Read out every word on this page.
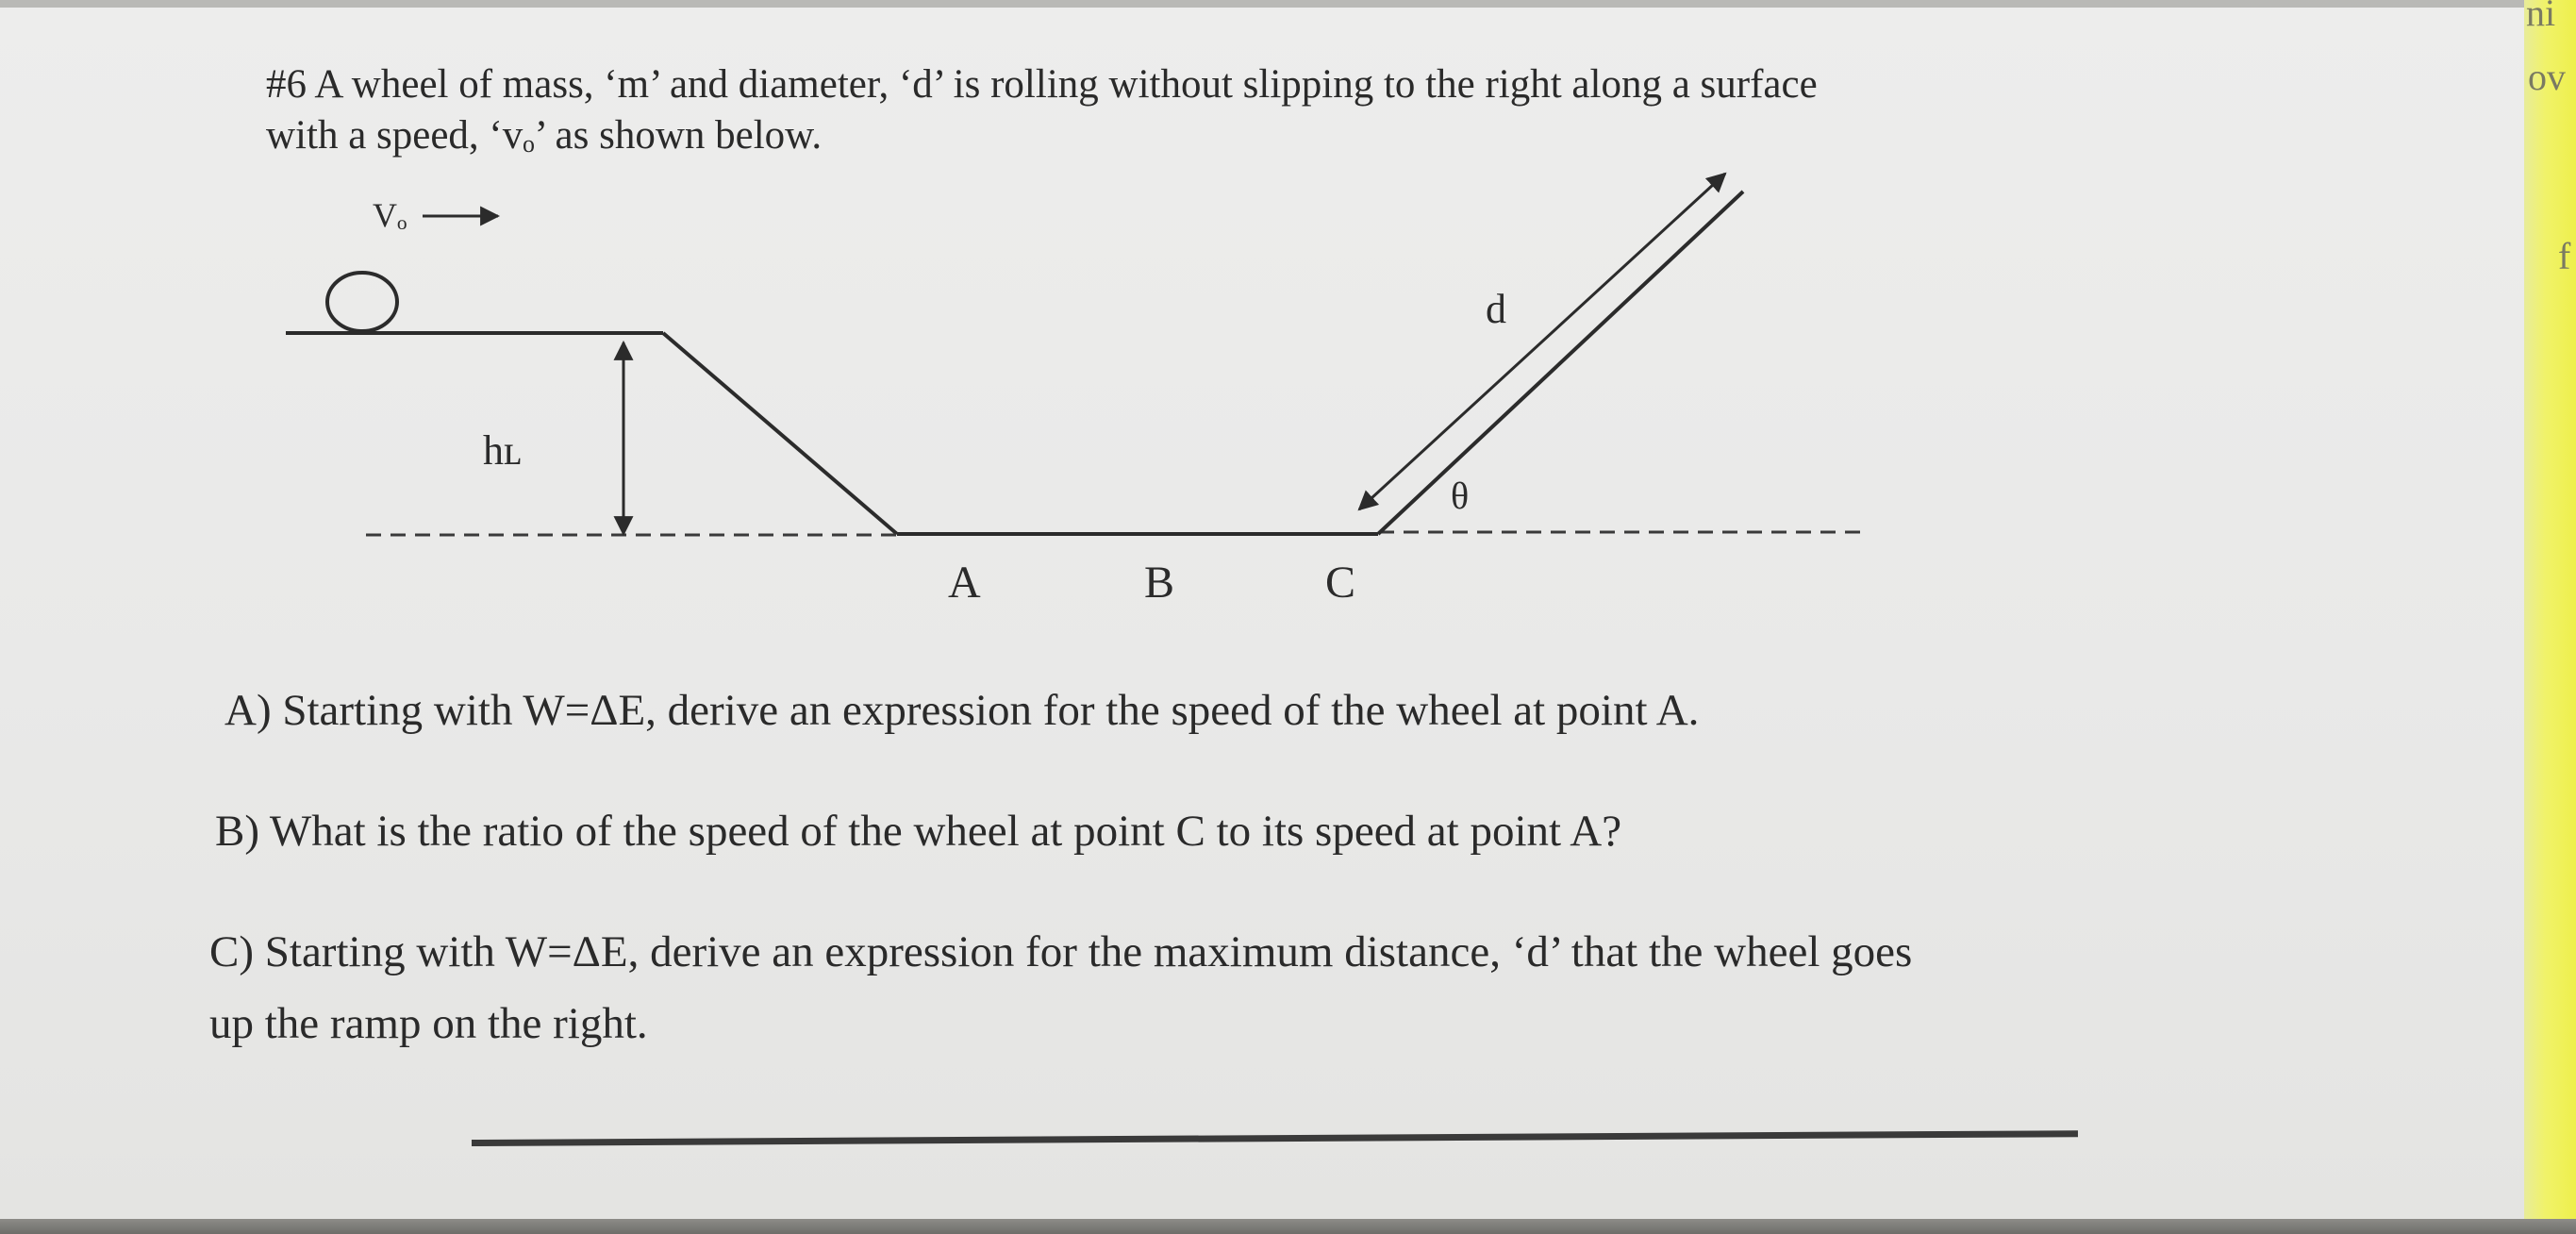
#6 A wheel of mass, ‘m’ and diameter, ‘d’ is rolling without slipping to the right along a surface
with a speed, ‘vₒ’ as shown below.
Vₒ
hʟ
d
θ
A	B	C
A) Starting with W=ΔE, derive an expression for the speed of the wheel at point A.
B) What is the ratio of the speed of the wheel at point C to its speed at point A?
C) Starting with W=ΔE, derive an expression for the maximum distance, ‘d’ that the wheel goes
up the ramp on the right.
ni
ov
f
